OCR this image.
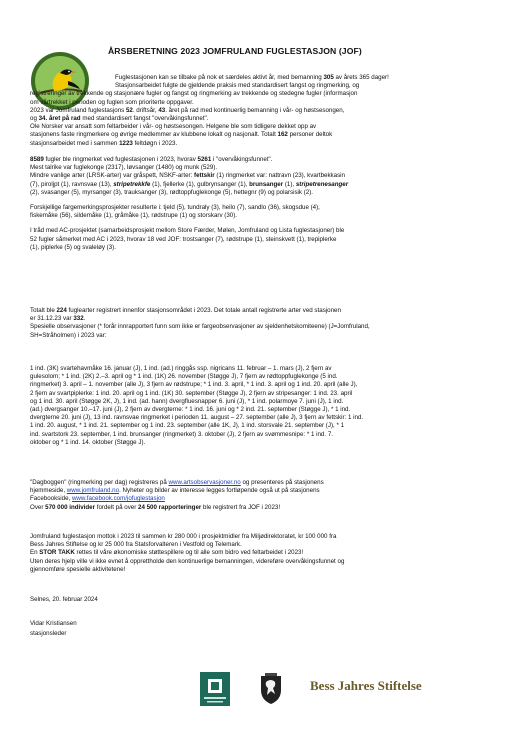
ÅRSBERETNING 2023 JOMFRULAND FUGLESTASJON (JOF)

Fuglestasjonen kan se tilbake på nok et særdeles aktivt år, med bemanning 305 av årets 365 dager!

Stasjonsarbeidet fulgte de gjeldende praksis med standardisert fangst og ringmerking, og

registreringer av trekkende og stasjonære fugler og fangst og ringmerking av trekkende og stedegne fugler (informasjon

om vårtrekket i perioden og fuglen som prioriterte oppgaver.

2023 var Jomfruland fuglestasjons 52. driftsår, 43. året på rad med kontinuerlig bemanning i vår- og høstsesongen,

og 34. året på rad med standardisert fangst "overvåkingsfunnet".

Ole Norsker var ansatt som feltarbeider i vår- og høstsesongen. Helgene ble som tidligere dekket opp av

stasjonens faste ringmerkere og øvrige medlemmer av klubbene lokalt og nasjonalt. Totalt 162 personer deltok

stasjonsarbeidet med i sammen 1223 feltdøgn i 2023.

8589 fugler ble ringmerket ved fuglestasjonen i 2023, hvorav 5261 i "overvåkingsfunnet".

Mest talrike var fuglekonge (2317), løvsanger (1480) og munk (529).

Mindre vanlige arter (LRSK-arter) var gråspett, NSKF-arter: fettskir (1) ringmerket var: nattravn (23), kvartbekkasin

(7), piroljpt (1), ravnsvae (13), stripetrekkfe (1), fjellerke (1), gulbrynsanger (1), brunsanger (1), stripetrenesanger

(2), svasanger (5), myrsanger (3), trauksanger (3), rødtoppfuglekonge (5), hettegnr (9) og polarsisik (2).

Forskjellige fargemerkingsprosjekter resulterte i: tjeld (5), tundraly (3), heilo (7), sandlo (36), skogsdue (4),

fiskemåke (56), sildemåke (1), gråmåke (1), rødstrupe (1) og storskarv (30).

I tråd med AC-prosjektet (samarbeidsprosjekt mellom Store Færder, Mølen, Jomfruland og Lista fuglestasjoner) ble

52 fugler såmerket med AC i 2023, hvorav 18 ved JOF: trostsanger (7), rødstrupe (1), steinskvett (1), trepiplerke

(1), piplerke (5) og svaleløy (3).

Totalt ble 224 fuglearter registrert innenfor stasjonsområdet i 2023. Det totale antall registrerte arter ved stasjonen

er 31.12.23 var 332.

Spesielle observasjoner (* forår innrapportert funn som ikke er fargeobservasjoner av sjeldenhetskomiteene) (J=Jomfruland,

SH=Stråholmen) i 2023 var:

1 ind. (3K) svartehavmåke 16. januar (J), 1 ind. (ad.) ringgås ssp. nigricans 11. februar – 1. mars (J), 2 fjern av

gulesolom; * 1 ind. (2K) 2.–3. april og * 1 ind. (1K) 26. november (Støgge J), 7 fjern av rødtoppfuglekonge (5 ind.

ringmerket) 3. april – 1. november (alle J), 3 fjern av rødstrupe; * 1 ind. 3. april, * 1 ind. 3. april og 1 ind. 20. april (alle J),

2 fjern av svartpiplerke: 1 ind. 20. april og 1 ind. (1K) 30. september (Støgge J), 2 fjern av stripesanger: 1 ind. 23. april

og 1 ind. 30. april (Støgge 2K, J), 1 ind. (ad. hann) dvergfluesnapper 6. juni (J), * 1 ind. polarmoye 7. juni (J), 1 ind.

(ad.) dvergsanger 10.–17. juni (J), 2 fjern av dvergterne: * 1 ind. 16. juni og * 2 ind. 21. september (Støgge J), * 1 ind.

dvergterne 20. juni (J), 13 ind. ravnsvae ringmerket i perioden 11. august – 27. september (alle J), 3 fjern av fettskir: 1 ind.

1 ind. 20. august, * 1 ind. 21. september og 1 ind. 23. september (alle 1K, J), 1 ind. storsvale 21. september (J), * 1

ind. svartstork 23. september, 1 ind. brunsanger (ringmerket) 3. oktober (J), 2 fjern av svømmesnipe: * 1 ind. 7.

oktober og * 1 ind. 14. oktober (Støgge J).

"Dagboggen" (ringmerking per dag) registreres på www.artsobservasjoner.no og presenteres på stasjonens

hjemmeside, www.jomfruland.no. Nyheter og bilder av interesse legges fortløpende også ut på stasjonens

Facebookside, www.facebook.com/jofuglestasjon

Over 570 000 individer fordelt på over 24 500 rapporteringer ble registrert fra JOF i 2023!

Jomfruland fuglestasjon mottok i 2023 til sammen kr 280 000 i prosjektmidler fra Miljødirektoratet, kr 100 000 fra

Bess Jahres Stiftelse og kr 25 000 fra Statsforvalteren i Vestfold og Telemark.

En STOR TAKK rettes til våre økonomiske støttespillere og til alle som bidro ved feltarbeidet i 2023!

Uten deres hjelp ville vi ikke evnet å opprettholde den kontinuerlige bemanningen, videreføre overvåkingsfunnet og

gjennomføre spesielle aktivitetene!

Selnes, 20. februar 2024
Vidar Kristiansen
stasjonsleder
Bess Jahres Stiftelse
